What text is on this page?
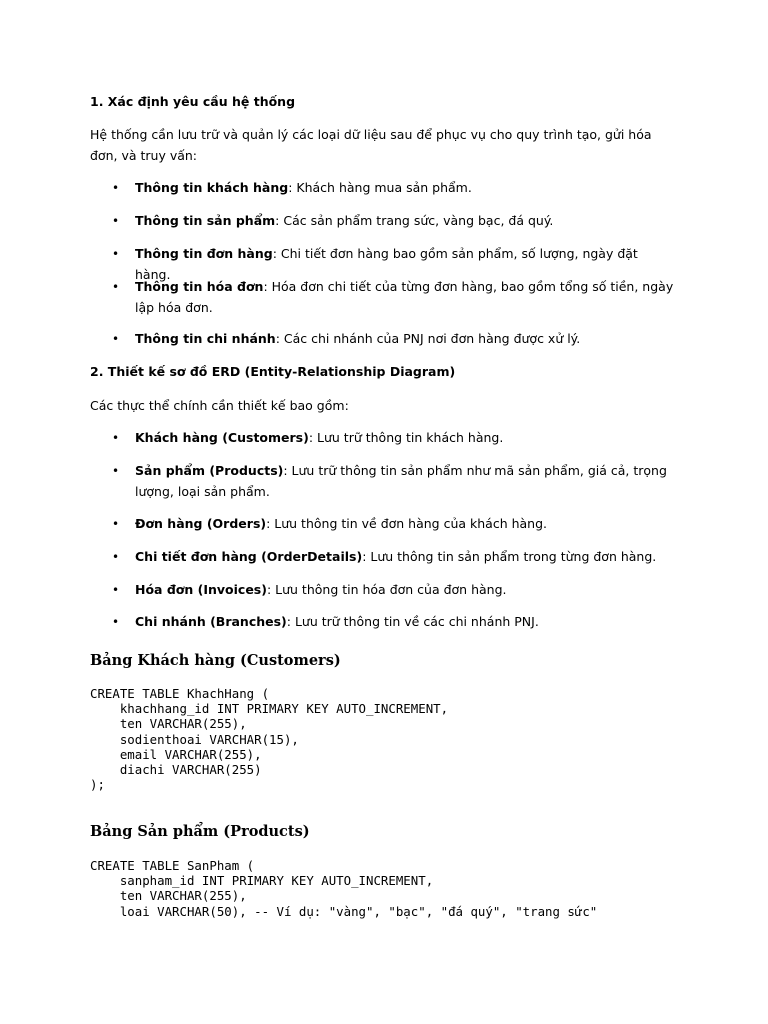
1. Xác định yêu cầu hệ thống

Hệ thống cần lưu trữ và quản lý các loại dữ liệu sau để phục vụ cho quy trình tạo, gửi hóa đơn, và truy vấn:

• Thông tin khách hàng: Khách hàng mua sản phẩm.

• Thông tin sản phẩm: Các sản phẩm trang sức, vàng bạc, đá quý.

• Thông tin đơn hàng: Chi tiết đơn hàng bao gồm sản phẩm, số lượng, ngày đặt hàng.

• Thông tin hóa đơn: Hóa đơn chi tiết của từng đơn hàng, bao gồm tổng số tiền, ngày lập hóa đơn.

• Thông tin chi nhánh: Các chi nhánh của PNJ nơi đơn hàng được xử lý.

2. Thiết kế sơ đồ ERD (Entity-Relationship Diagram)

Các thực thể chính cần thiết kế bao gồm:

• Khách hàng (Customers): Lưu trữ thông tin khách hàng.

• Sản phẩm (Products): Lưu trữ thông tin sản phẩm như mã sản phẩm, giá cả, trọng lượng, loại sản phẩm.

• Đơn hàng (Orders): Lưu thông tin về đơn hàng của khách hàng.

• Chi tiết đơn hàng (OrderDetails): Lưu thông tin sản phẩm trong từng đơn hàng.

• Hóa đơn (Invoices): Lưu thông tin hóa đơn của đơn hàng.

• Chi nhánh (Branches): Lưu trữ thông tin về các chi nhánh PNJ.

Bảng Khách hàng (Customers)
CREATE TABLE KhachHang (
khachhang_id INT PRIMARY KEY AUTO_INCREMENT,
ten VARCHAR(255),
sodienthoai VARCHAR(15),
email VARCHAR(255),
diachi VARCHAR(255)
);
Bảng Sản phẩm (Products)
CREATE TABLE SanPham (
sanpham_id INT PRIMARY KEY AUTO_INCREMENT,
ten VARCHAR(255),
loai VARCHAR(50), -- Ví dụ: "vàng", "bạc", "đá quý", "trang sức"
